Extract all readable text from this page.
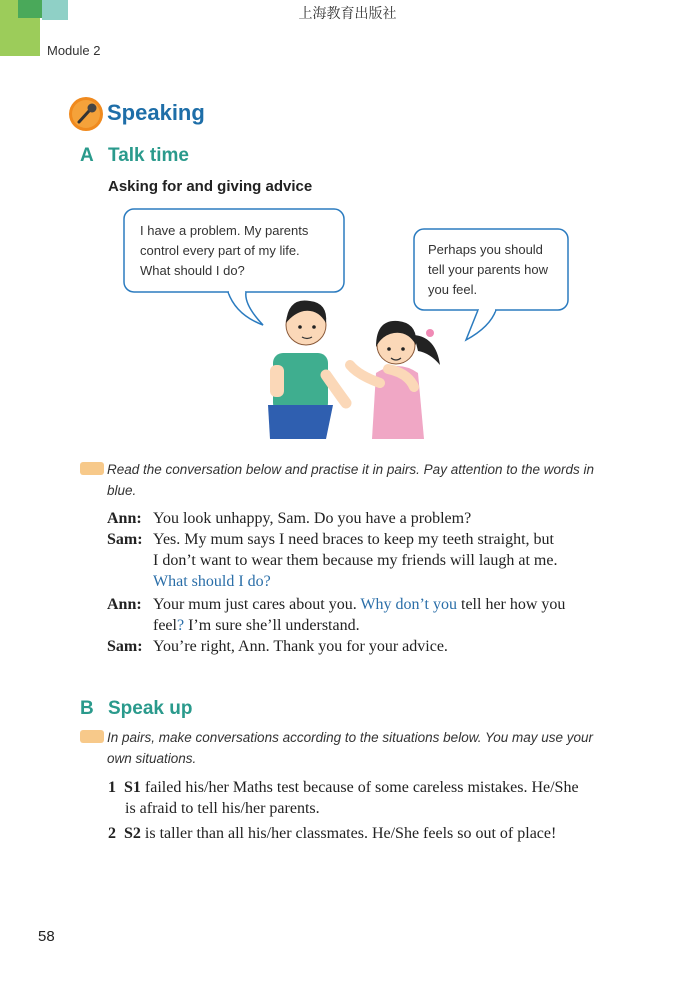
上海教育出版社
Module 2
Speaking
A Talk time
Asking for and giving advice
I have a problem. My parents
control every part of my life.
What should I do?
Perhaps you should
tell your parents how
you feel.
Read the conversation below and practise it in pairs. Pay attention to the words in
blue.
Ann: You look unhappy, Sam. Do you have a problem?
Sam: Yes. My mum says I need braces to keep my teeth straight, but
I don’t want to wear them because my friends will laugh at me.
What should I do?
Ann: Your mum just cares about you. Why don’t you tell her how you
feel? I’m sure she’ll understand.
Sam: You’re right, Ann. Thank you for your advice.
B Speak up
In pairs, make conversations according to the situations below. You may use your
own situations.
1 S1 failed his/her Maths test because of some careless mistakes. He/She
is afraid to tell his/her parents.
2 S2 is taller than all his/her classmates. He/She feels so out of place!
58
